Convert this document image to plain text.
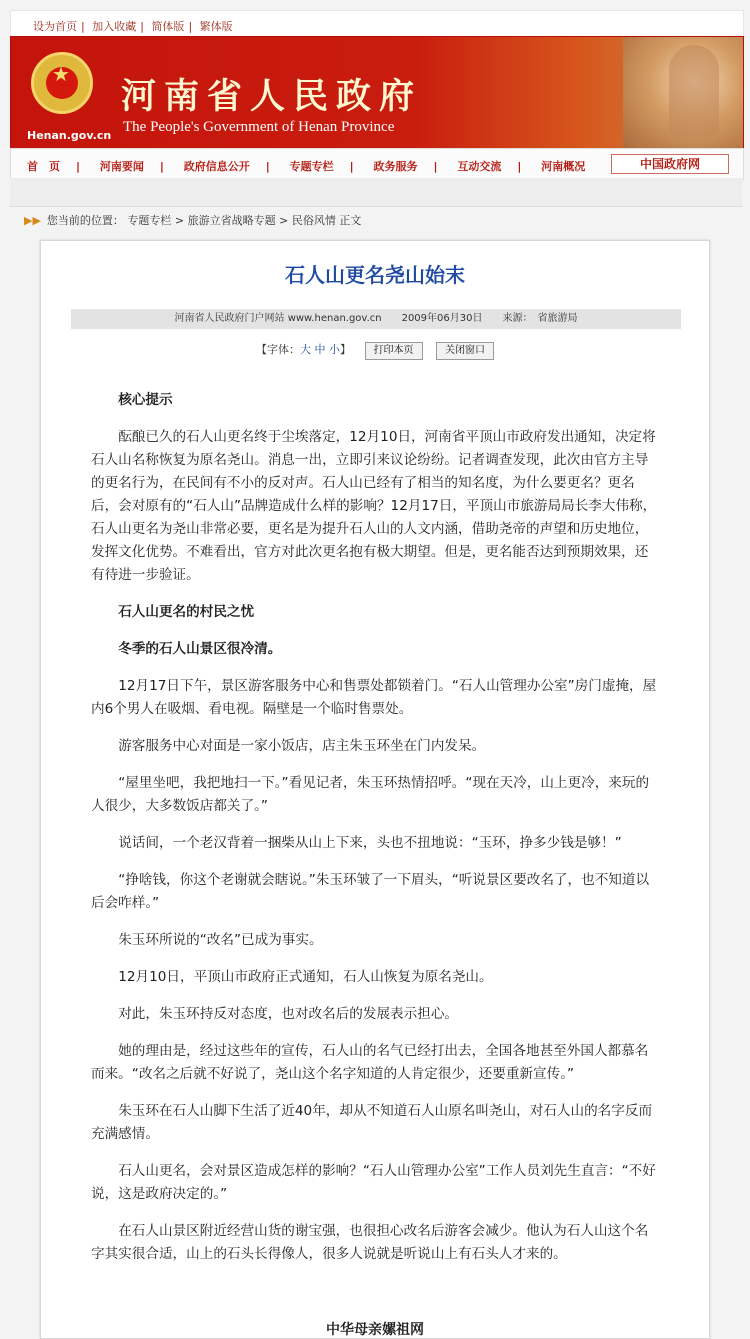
设为首页 | 加入收藏 | 简体版 | 繁体版
★
Henan.gov.cn
河南省人民政府
The People's Government of Henan Province
首　页 | 河南要闻 | 政府信息公开 | 专题专栏 | 政务服务 | 互动交流 | 河南概况	中国政府网
▶▶ 您当前的位置： 专题专栏 > 旅游立省战略专题 > 民俗风情 正文
石人山更名尧山始末
河南省人民政府门户网站 www.henan.gov.cn　　2009年06月30日　　来源：　省旅游局
【字体：大 中 小】 打印本页	关闭窗口

核心提示

酝酿已久的石人山更名终于尘埃落定，12月10日，河南省平顶山市政府发出通知，决定将石人山名称恢复为原名尧山。消息一出，立即引来议论纷纷。记者调查发现，此次由官方主导的更名行为，在民间有不小的反对声。石人山已经有了相当的知名度，为什么要更名？更名后，会对原有的“石人山”品牌造成什么样的影响？12月17日，平顶山市旅游局局长李大伟称，石人山更名为尧山非常必要，更名是为提升石人山的人文内涵，借助尧帝的声望和历史地位，发挥文化优势。不难看出，官方对此次更名抱有极大期望。但是，更名能否达到预期效果，还有待进一步验证。

石人山更名的村民之忧

冬季的石人山景区很冷清。

12月17日下午，景区游客服务中心和售票处都锁着门。“石人山管理办公室”房门虚掩，屋内6个男人在吸烟、看电视。隔壁是一个临时售票处。

游客服务中心对面是一家小饭店，店主朱玉环坐在门内发呆。

“屋里坐吧，我把地扫一下。”看见记者，朱玉环热情招呼。“现在天冷，山上更冷，来玩的人很少，大多数饭店都关了。”

说话间，一个老汉背着一捆柴从山上下来，头也不扭地说：“玉环，挣多少钱是够！”

“挣啥钱，你这个老谢就会瞎说。”朱玉环皱了一下眉头，“听说景区要改名了，也不知道以后会咋样。”

朱玉环所说的“改名”已成为事实。

12月10日，平顶山市政府正式通知，石人山恢复为原名尧山。

对此，朱玉环持反对态度，也对改名后的发展表示担心。

她的理由是，经过这些年的宣传，石人山的名气已经打出去，全国各地甚至外国人都慕名而来。“改名之后就不好说了，尧山这个名字知道的人肯定很少，还要重新宣传。”

朱玉环在石人山脚下生活了近40年，却从不知道石人山原名叫尧山，对石人山的名字反而充满感情。

石人山更名，会对景区造成怎样的影响？“石人山管理办公室”工作人员刘先生直言：“不好说，这是政府决定的。”

在石人山景区附近经营山货的谢宝强，也很担心改名后游客会减少。他认为石人山这个名字其实很合适，山上的石头长得像人，很多人说就是听说山上有石头人才来的。

中华母亲嫘祖网
